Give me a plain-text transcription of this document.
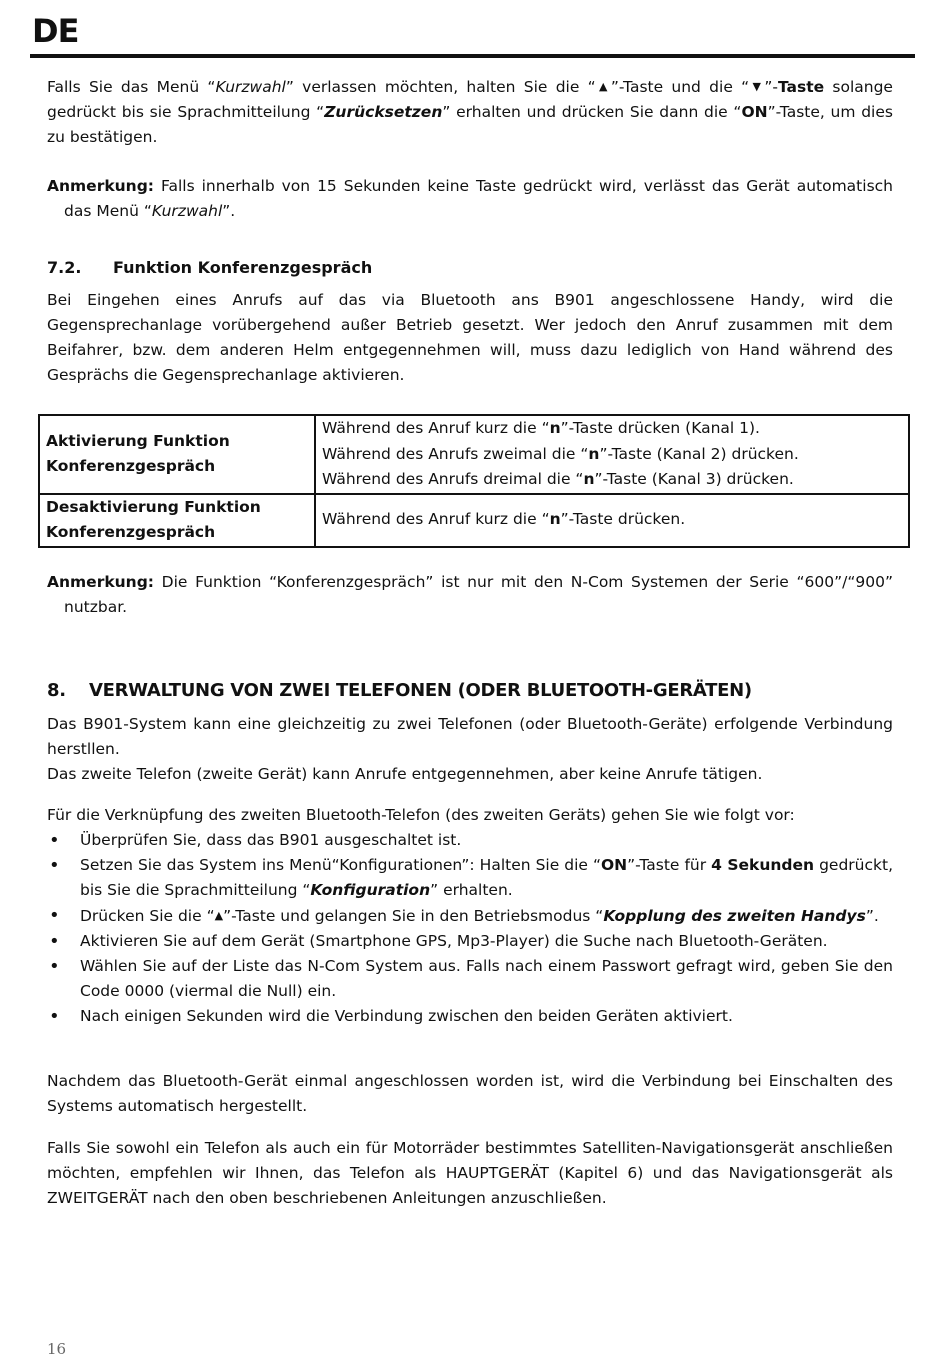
DE

Falls Sie das Menü “Kurzwahl” verlassen möchten, halten Sie die “▲”-Taste und die “▼”-Taste solange gedrückt bis sie Sprachmitteilung “Zurücksetzen” erhalten und drücken Sie dann die “ON”-Taste, um dies zu bestätigen.

Anmerkung: Falls innerhalb von 15 Sekunden keine Taste gedrückt wird, verlässt das Gerät automatisch das Menü “Kurzwahl”.

7.2. Funktion Konferenzgespräch

Bei Eingehen eines Anrufs auf das via Bluetooth ans B901 angeschlossene Handy, wird die Gegensprechanlage vorübergehend außer Betrieb gesetzt. Wer jedoch den Anruf zusammen mit dem Beifahrer, bzw. dem anderen Helm entgegennehmen will, muss dazu lediglich von Hand während des Gesprächs die Gegensprechanlage aktivieren.

Aktivierung Funktion Konferenzgespräch	Während des Anruf kurz die “n”-Taste drücken (Kanal 1).
Während des Anrufs zweimal die “n”-Taste (Kanal 2) drücken.
Während des Anrufs dreimal die “n”-Taste (Kanal 3) drücken.

Desaktivierung Funktion Konferenzgespräch	Während des Anruf kurz die “n”-Taste drücken.

Anmerkung: Die Funktion “Konferenzgespräch” ist nur mit den N-Com Systemen der Serie “600”/“900” nutzbar.

8. VERWALTUNG VON ZWEI TELEFONEN (ODER BLUETOOTH-GERÄTEN)

Das B901-System kann eine gleichzeitig zu zwei Telefonen (oder Bluetooth-Geräte) erfolgende Verbindung herstllen.

Das zweite Telefon (zweite Gerät) kann Anrufe entgegennehmen, aber keine Anrufe tätigen.

Für die Verknüpfung des zweiten Bluetooth-Telefon (des zweiten Geräts) gehen Sie wie folgt vor:

• Überprüfen Sie, dass das B901 ausgeschaltet ist.
• Setzen Sie das System ins Menü“Konfigurationen”: Halten Sie die “ON”-Taste für 4 Sekunden gedrückt, bis Sie die Sprachmitteilung “Konfiguration” erhalten.
• Drücken Sie die “▲”-Taste und gelangen Sie in den Betriebsmodus “Kopplung des zweiten Handys”.
• Aktivieren Sie auf dem Gerät (Smartphone GPS, Mp3-Player) die Suche nach Bluetooth-Geräten.
• Wählen Sie auf der Liste das N-Com System aus. Falls nach einem Passwort gefragt wird, geben Sie den Code 0000 (viermal die Null) ein.
• Nach einigen Sekunden wird die Verbindung zwischen den beiden Geräten aktiviert.

Nachdem das Bluetooth-Gerät einmal angeschlossen worden ist, wird die Verbindung bei Einschalten des Systems automatisch hergestellt.

Falls Sie sowohl ein Telefon als auch ein für Motorräder bestimmtes Satelliten-Navigationsgerät anschließen möchten, empfehlen wir Ihnen, das Telefon als HAUPTGERÄT (Kapitel 6) und das Navigationsgerät als ZWEITGERÄT nach den oben beschriebenen Anleitungen anzuschließen.

16
